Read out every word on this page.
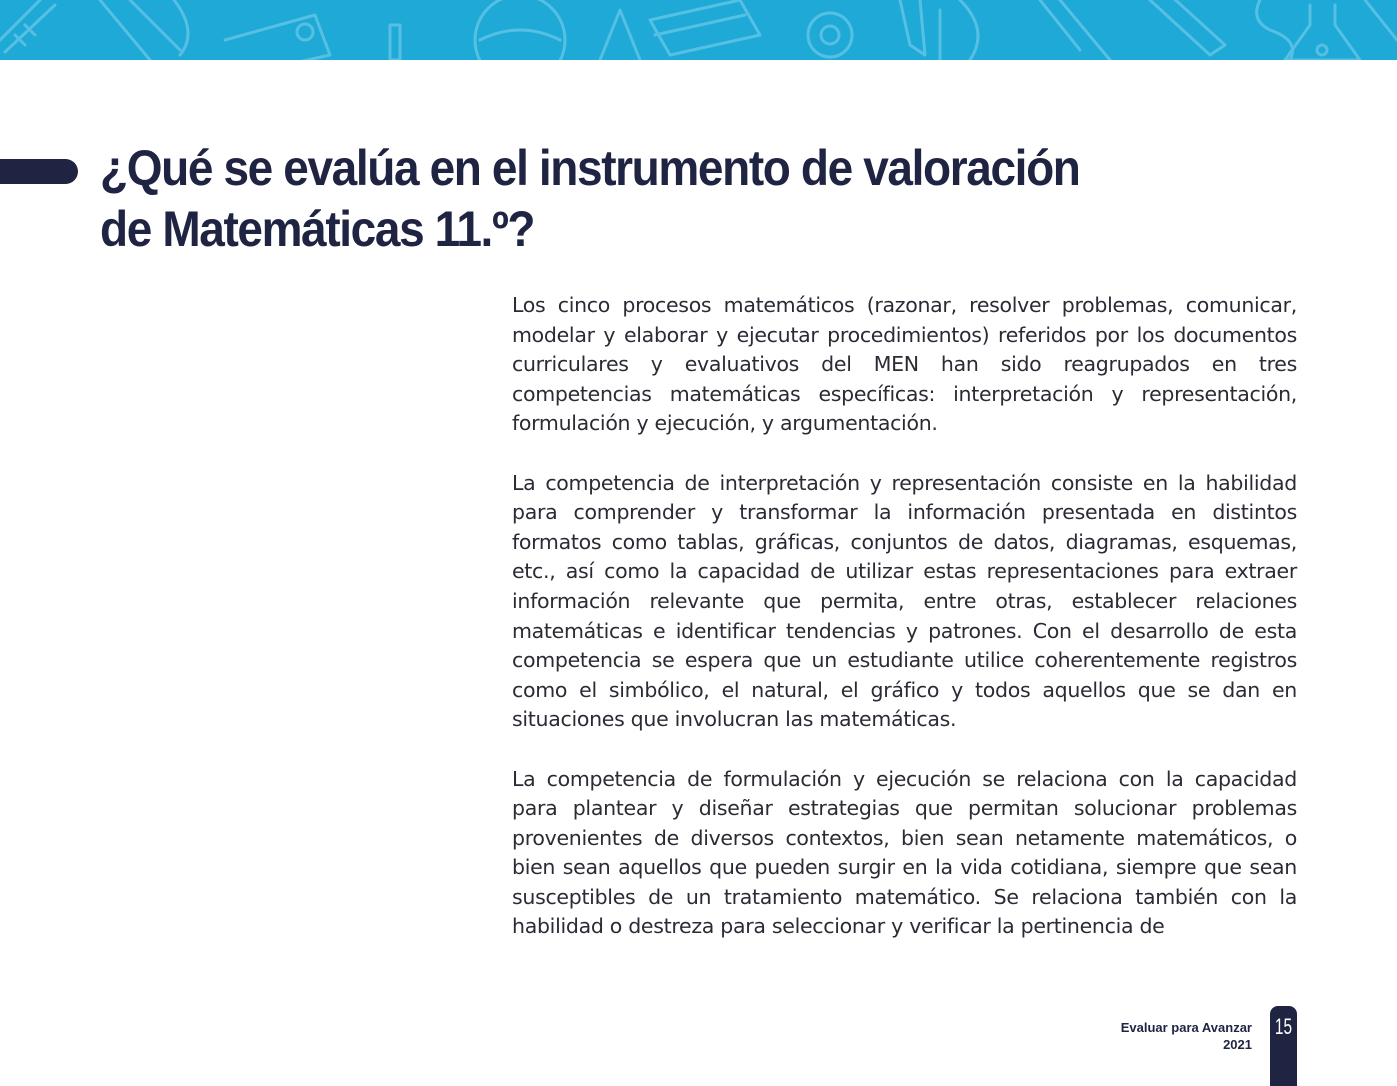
¿Qué se evalúa en el instrumento de valoración
de Matemáticas 11.º?

Los cinco procesos matemáticos (razonar, resolver problemas, comunicar, modelar y elaborar y ejecutar procedimientos) referidos por los documentos curriculares y evaluativos del MEN han sido reagrupados en tres competencias matemáticas específicas: interpretación y representación, formulación y ejecución, y argumentación.

La competencia de interpretación y representación consiste en la habilidad para comprender y transformar la información presentada en distintos formatos como tablas, gráficas, conjuntos de datos, diagramas, esquemas, etc., así como la capacidad de utilizar estas representaciones para extraer información relevante que permita, entre otras, establecer relaciones matemáticas e identificar tendencias y patrones. Con el desarrollo de esta competencia se espera que un estudiante utilice coherentemente registros como el simbólico, el natural, el gráfico y todos aquellos que se dan en situaciones que involucran las matemáticas.

La competencia de formulación y ejecución se relaciona con la capacidad para plantear y diseñar estrategias que permitan solucionar problemas provenientes de diversos contextos, bien sean netamente matemáticos, o bien sean aquellos que pueden surgir en la vida cotidiana, siempre que sean susceptibles de un tratamiento matemático. Se relaciona también con la habilidad o destreza para seleccionar y verificar la pertinencia de

Evaluar para Avanzar
2021
15
